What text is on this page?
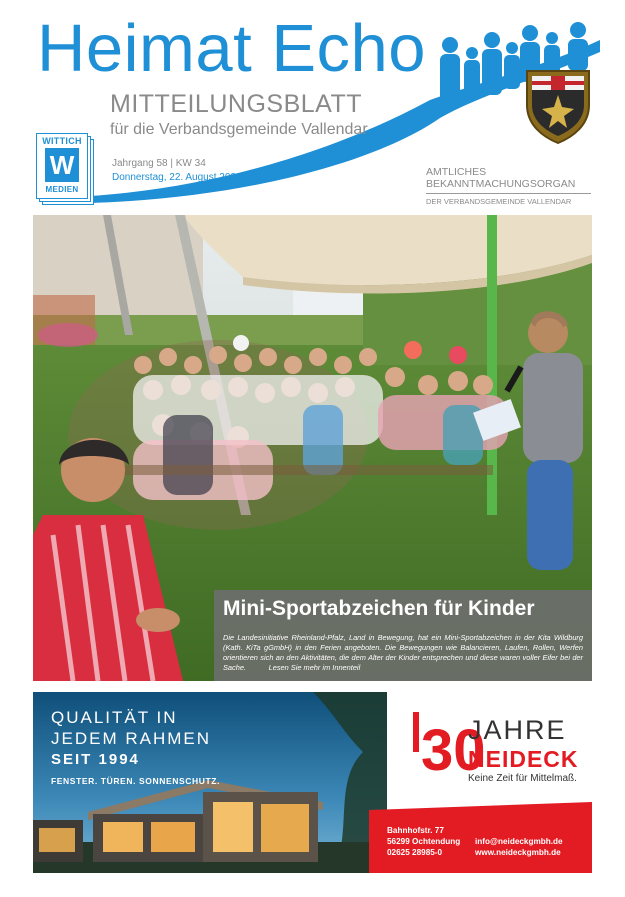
Heimat Echo
MITTEILUNGSBLATT
für die Verbandsgemeinde Vallendar
Jahrgang 58 | KW 34
Donnerstag, 22. August 2024	AMTLICHES
BEKANNTMACHUNGSORGAN
DER VERBANDSGEMEINDE VALLENDAR
WITTICH
W
MEDIEN
Mini-Sportabzeichen für Kinder
Die Landesinitiative Rheinland-Pfalz, Land in Bewegung, hat ein Mini-Sportabzeichen in der Kita Wildburg (Kath. KiTa gGmbH) in den Ferien angeboten. Die Bewegungen wie Balancieren, Laufen, Rollen, Werfen orientieren sich an den Aktivitäten, die dem Alter der Kinder entsprechen und diese waren voller Eifer bei der Sache.	Lesen Sie mehr im Innenteil
QUALITÄT IN
JEDEM RAHMEN
SEIT 1994
FENSTER. TÜREN. SONNENSCHUTZ.	30
JAHRE
NEIDECK
Keine Zeit für Mittelmaß.
Bahnhofstr. 77
56299 Ochtendung
02625 28985-0
info@neideckgmbh.de
www.neideckgmbh.de
